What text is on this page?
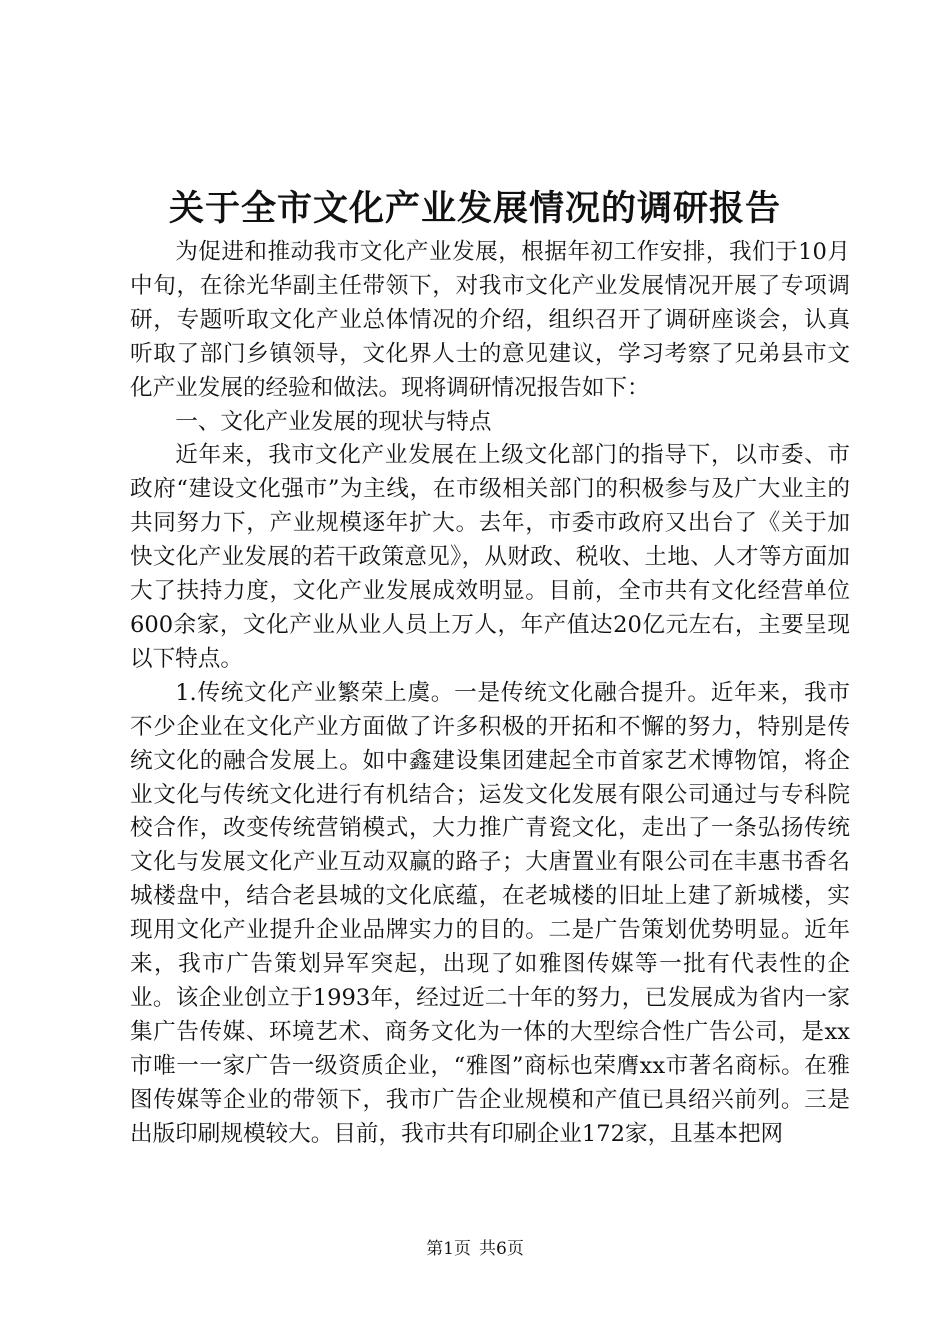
关于全市文化产业发展情况的调研报告

为促进和推动我市文化产业发展，根据年初工作安排，我们于10月中旬，在徐光华副主任带领下，对我市文化产业发展情况开展了专项调研，专题听取文化产业总体情况的介绍，组织召开了调研座谈会，认真听取了部门乡镇领导，文化界人士的意见建议，学习考察了兄弟县市文化产业发展的经验和做法。现将调研情况报告如下：

一、文化产业发展的现状与特点

近年来，我市文化产业发展在上级文化部门的指导下，以市委、市政府“建设文化强市”为主线，在市级相关部门的积极参与及广大业主的共同努力下，产业规模逐年扩大。去年，市委市政府又出台了《关于加快文化产业发展的若干政策意见》，从财政、税收、土地、人才等方面加大了扶持力度，文化产业发展成效明显。目前，全市共有文化经营单位600余家，文化产业从业人员上万人，年产值达20亿元左右，主要呈现以下特点。

1.传统文化产业繁荣上虞。一是传统文化融合提升。近年来，我市不少企业在文化产业方面做了许多积极的开拓和不懈的努力，特别是传统文化的融合发展上。如中鑫建设集团建起全市首家艺术博物馆，将企业文化与传统文化进行有机结合；运发文化发展有限公司通过与专科院校合作，改变传统营销模式，大力推广青瓷文化，走出了一条弘扬传统文化与发展文化产业互动双赢的路子；大唐置业有限公司在丰惠书香名城楼盘中，结合老县城的文化底蕴，在老城楼的旧址上建了新城楼，实现用文化产业提升企业品牌实力的目的。二是广告策划优势明显。近年来，我市广告策划异军突起，出现了如雅图传媒等一批有代表性的企业。该企业创立于1993年，经过近二十年的努力，已发展成为省内一家集广告传媒、环境艺术、商务文化为一体的大型综合性广告公司，是xx市唯一一家广告一级资质企业，“雅图”商标也荣膺xx市著名商标。在雅图传媒等企业的带领下，我市广告企业规模和产值已具绍兴前列。三是出版印刷规模较大。目前，我市共有印刷企业172家，且基本把网

第1页 共6页
